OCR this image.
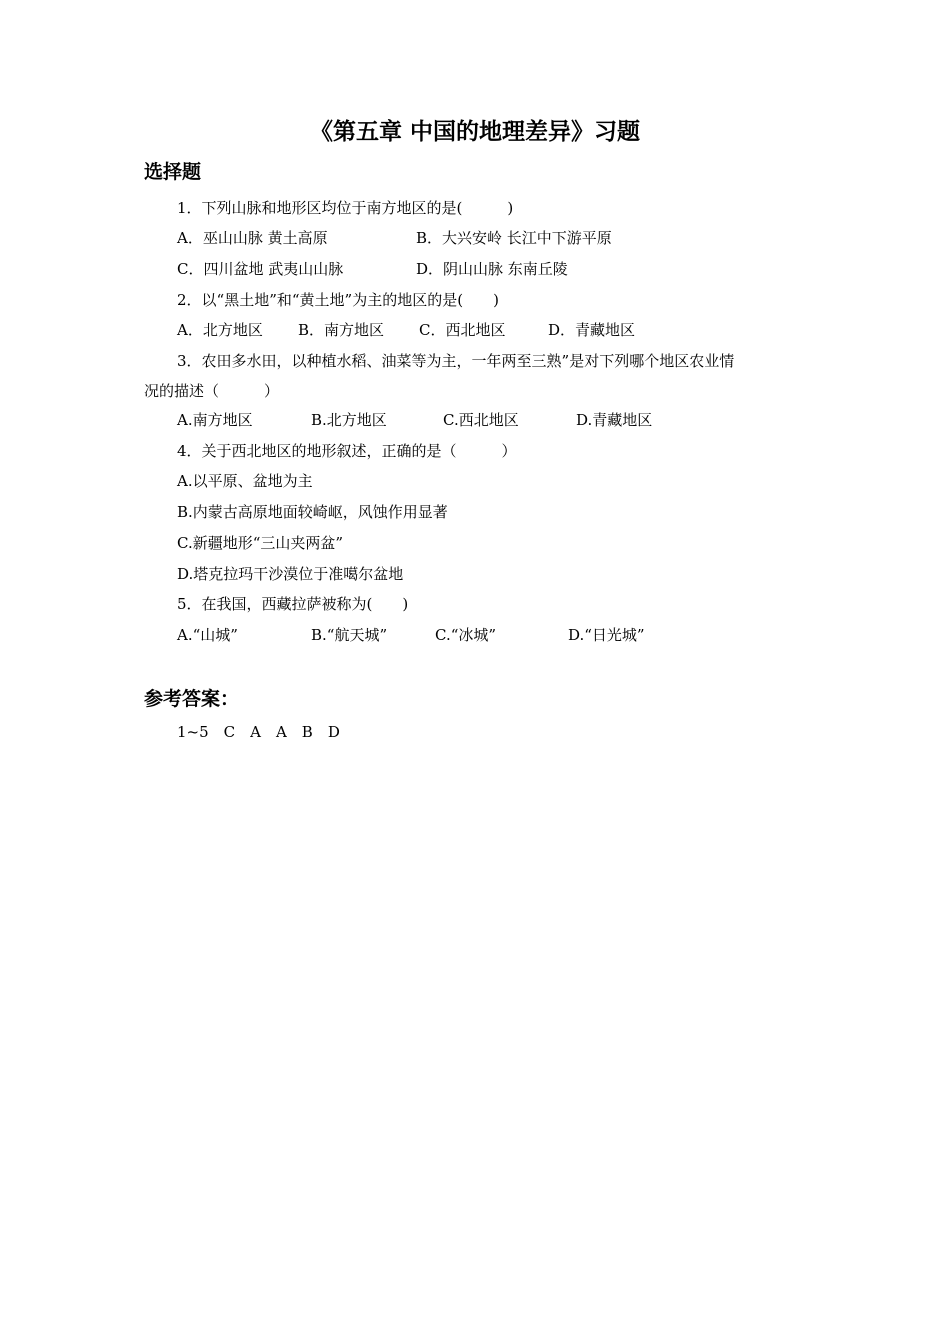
《第五章 中国的地理差异》习题
选择题
1．下列山脉和地形区均位于南方地区的是(　　　)
A．巫山山脉 黄土高原	B．大兴安岭 长江中下游平原
C．四川盆地 武夷山山脉	D．阴山山脉 东南丘陵
2．以“黑土地”和“黄土地”为主的地区的是(　　)
A．北方地区 B．南方地区 C．西北地区	D．青藏地区
3．农田多水田，以种植水稻、油菜等为主，一年两至三熟”是对下列哪个地区农业情
况的描述（　　　）
A.南方地区	B.北方地区	C.西北地区	D.青藏地区
4．关于西北地区的地形叙述，正确的是（　　　）
A.以平原、盆地为主
B.内蒙古高原地面较崎岖，风蚀作用显著
C.新疆地形“三山夹两盆”
D.塔克拉玛干沙漠位于准噶尔盆地
5．在我国，西藏拉萨被称为(　　)
A.“山城”	B.“航天城”	C.“冰城”	D.“日光城”
参考答案：
1~5　C　A　A　B　D
